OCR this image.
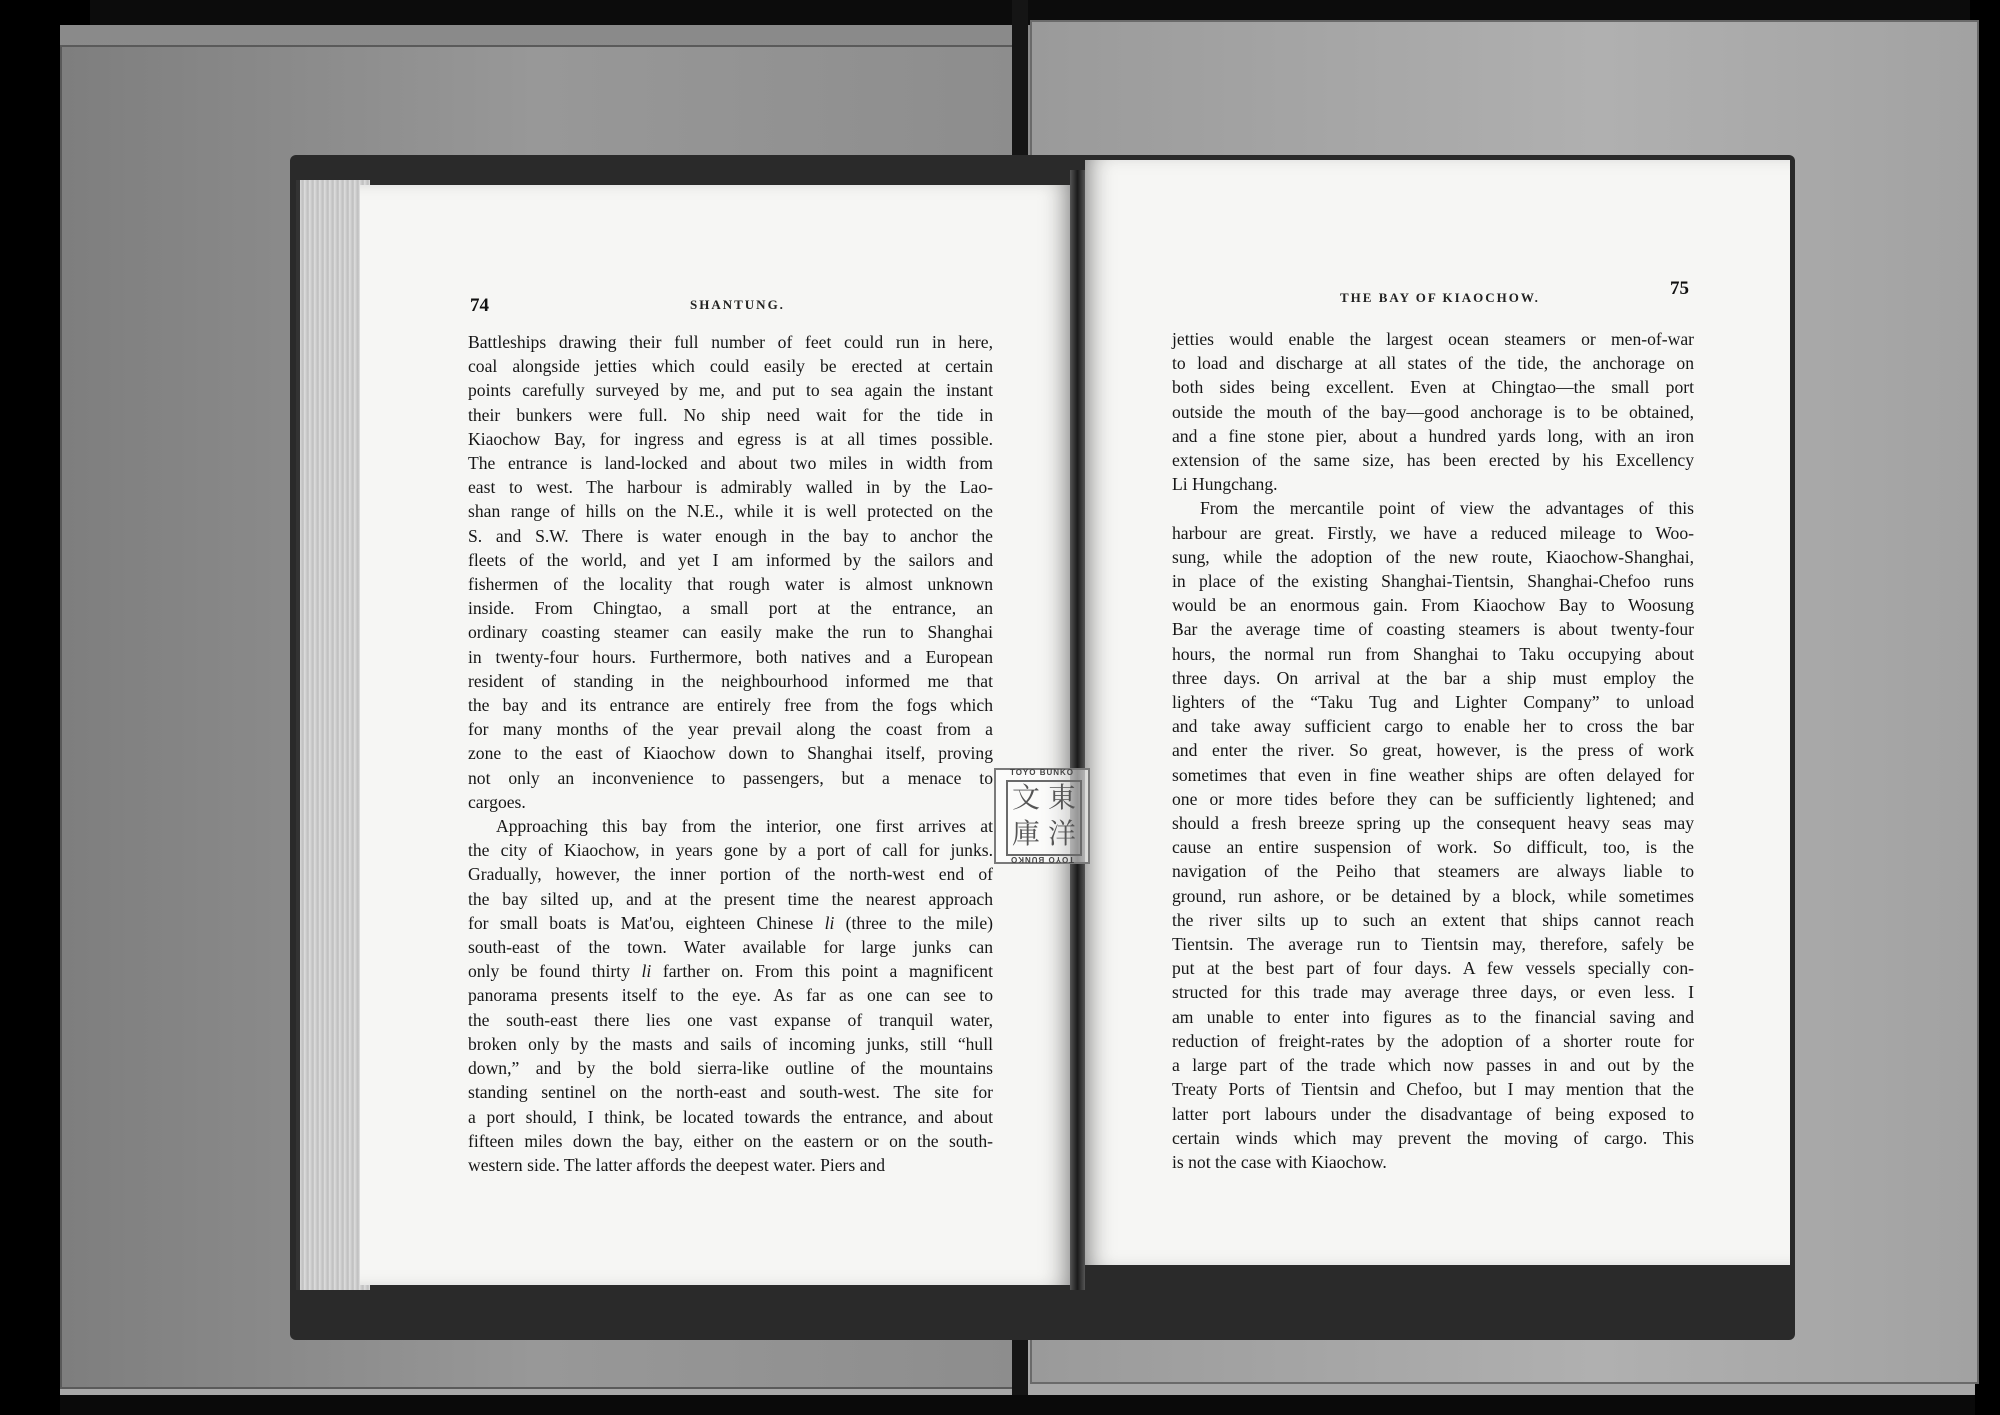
74	SHANTUNG.
75
THE BAY OF KIAOCHOW.
Battleships drawing their full number of feet could run in here,
coal alongside jetties which could easily be erected at certain
points carefully surveyed by me, and put to sea again the instant
their bunkers were full. No ship need wait for the tide in
Kiaochow Bay, for ingress and egress is at all times possible.
The entrance is land-locked and about two miles in width from
east to west. The harbour is admirably walled in by the Lao-
shan range of hills on the N.E., while it is well protected on the
S. and S.W. There is water enough in the bay to anchor the
fleets of the world, and yet I am informed by the sailors and
fishermen of the locality that rough water is almost unknown
inside. From Chingtao, a small port at the entrance, an
ordinary coasting steamer can easily make the run to Shanghai
in twenty-four hours. Furthermore, both natives and a European
resident of standing in the neighbourhood informed me that
the bay and its entrance are entirely free from the fogs which
for many months of the year prevail along the coast from a
zone to the east of Kiaochow down to Shanghai itself, proving
not only an inconvenience to passengers, but a menace to
cargoes.
Approaching this bay from the interior, one first arrives at
the city of Kiaochow, in years gone by a port of call for junks.
Gradually, however, the inner portion of the north-west end of
the bay silted up, and at the present time the nearest approach
for small boats is Mat'ou, eighteen Chinese li (three to the mile)
south-east of the town. Water available for large junks can
only be found thirty li farther on. From this point a magnificent
panorama presents itself to the eye. As far as one can see to
the south-east there lies one vast expanse of tranquil water,
broken only by the masts and sails of incoming junks, still “hull
down,” and by the bold sierra-like outline of the mountains
standing sentinel on the north-east and south-west. The site for
a port should, I think, be located towards the entrance, and about
fifteen miles down the bay, either on the eastern or on the south-
western side. The latter affords the deepest water. Piers and
jetties would enable the largest ocean steamers or men-of-war
to load and discharge at all states of the tide, the anchorage on
both sides being excellent. Even at Chingtao—the small port
outside the mouth of the bay—good anchorage is to be obtained,
and a fine stone pier, about a hundred yards long, with an iron
extension of the same size, has been erected by his Excellency
Li Hungchang.
From the mercantile point of view the advantages of this
harbour are great. Firstly, we have a reduced mileage to Woo-
sung, while the adoption of the new route, Kiaochow-Shanghai,
in place of the existing Shanghai-Tientsin, Shanghai-Chefoo runs
would be an enormous gain. From Kiaochow Bay to Woosung
Bar the average time of coasting steamers is about twenty-four
hours, the normal run from Shanghai to Taku occupying about
three days. On arrival at the bar a ship must employ the
lighters of the “Taku Tug and Lighter Company” to unload
and take away sufficient cargo to enable her to cross the bar
and enter the river. So great, however, is the press of work
sometimes that even in fine weather ships are often delayed for
one or more tides before they can be sufficiently lightened; and
should a fresh breeze spring up the consequent heavy seas may
cause an entire suspension of work. So difficult, too, is the
navigation of the Peiho that steamers are always liable to
ground, run ashore, or be detained by a block, while sometimes
the river silts up to such an extent that ships cannot reach
Tientsin. The average run to Tientsin may, therefore, safely be
put at the best part of four days. A few vessels specially con-
structed for this trade may average three days, or even less. I
am unable to enter into figures as to the financial saving and
reduction of freight-rates by the adoption of a shorter route for
a large part of the trade which now passes in and out by the
Treaty Ports of Tientsin and Chefoo, but I may mention that the
latter port labours under the disadvantage of being exposed to
certain winds which may prevent the moving of cargo. This
is not the case with Kiaochow.
TOYO BUNKO
文 東
庫 洋
TOYO BUNKO
